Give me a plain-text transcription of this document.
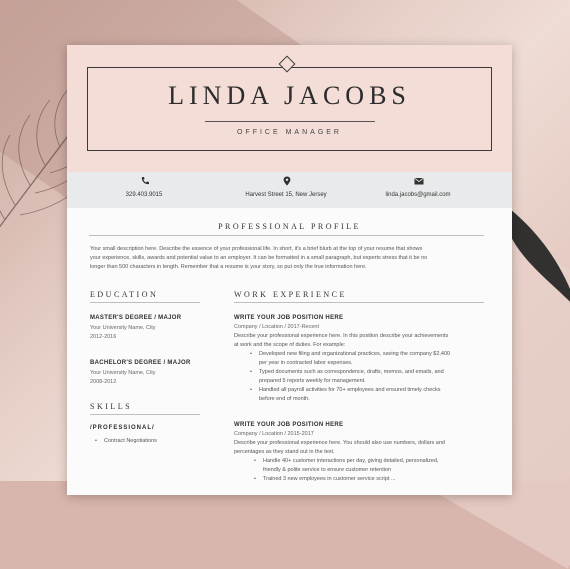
LINDA JACOBS
OFFICE MANAGER
329.403.9015	Harvest Street 15, New Jersey	linda.jacobs@gmail.com
PROFESSIONAL PROFILE
Your small description here. Describe the essence of your professional life. In short, it's a brief blurb at the top of your resume that shows
your experience, skills, awards and potential value to an employer. It can be formatted in a small paragraph, but experts stress that it be no
longer than 500 characters in length. Remember that a resume is your story, so put only the true information here.
EDUCATION
MASTER'S DEGREE / MAJOR
Your University Name, City
2012-2016
BACHELOR'S DEGREE / MAJOR
Your University Name, City
2008-2012
SKILLS
/PROFESSIONAL/
• Contract Negotiations
WORK EXPERIENCE
WRITE YOUR JOB POSITION HERE
Company / Location / 2017-Recent
Describe your professional experience here. In this position describe your achievements
at work and the scope of duties. For example:
• Developed new filing and organizational practices, saving the company $2,400
per year in contracted labor expenses.
• Typed documents such as correspondence, drafts, memos, and emails, and
prepared 5 reports weekly for management.
• Handled all payroll activities for 70+ employees and ensured timely checks
before end of month.
WRITE YOUR JOB POSITION HERE
Company / Location / 2015-2017
Describe your professional experience here. You should also use numbers, dollars and
percentages as they stand out in the text.
• Handle 40+ customer interactions per day, giving detailed, personalized,
friendly & polite service to ensure customer retention
• Trained 3 new employees in customer service script ...
